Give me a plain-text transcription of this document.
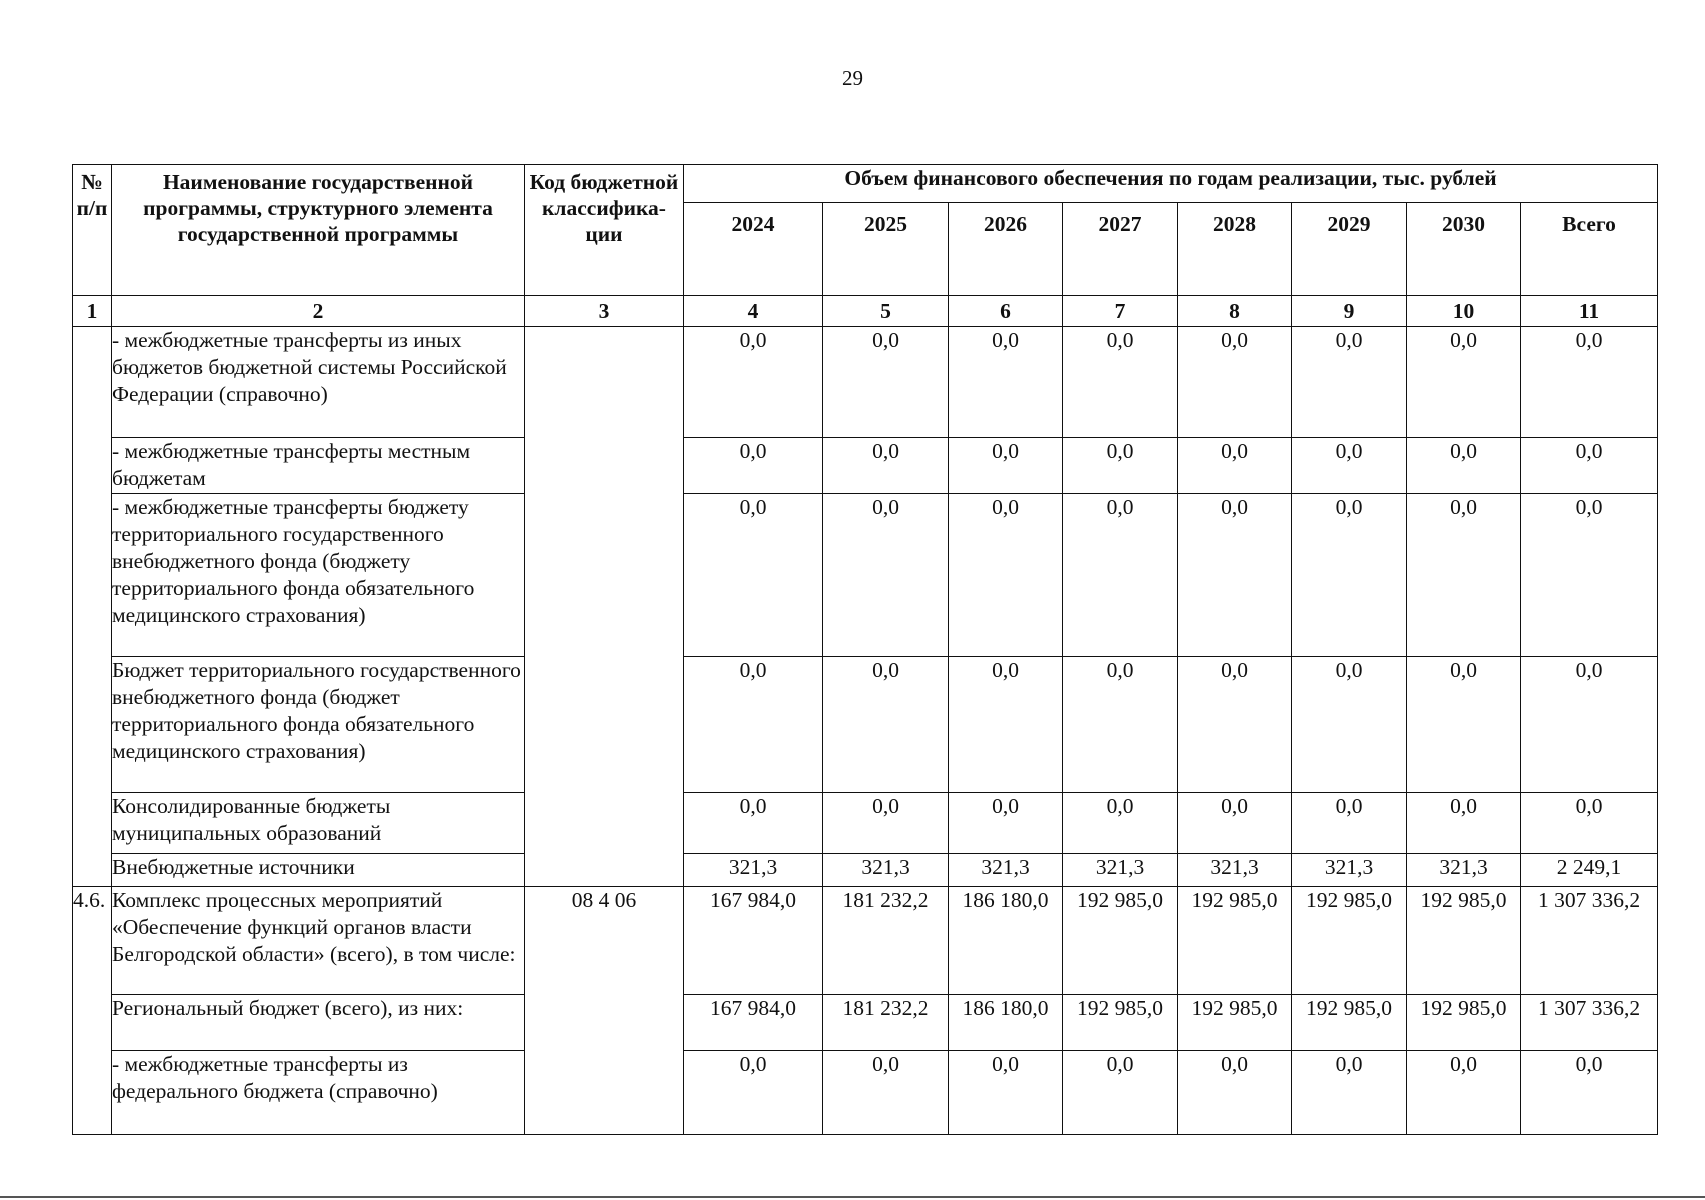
29
№ п/п	Наименование государственной программы, структурного элемента государственной программы	Код бюджетной классифика-ции	Объем финансового обеспечения по годам реализации, тыс. рублей							
			2024	2025	2026	2027	2028	2029	2030	Всего
1	2	3	4	5	6	7	8	9	10	11
	- межбюджетные трансферты из иных бюджетов бюджетной системы Российской Федерации (справочно)		0,0	0,0	0,0	0,0	0,0	0,0	0,0	0,0
	- межбюджетные трансферты местным бюджетам		0,0	0,0	0,0	0,0	0,0	0,0	0,0	0,0
	- межбюджетные трансферты бюджету территориального государственного внебюджетного фонда (бюджету территориального фонда обязательного медицинского страхования)		0,0	0,0	0,0	0,0	0,0	0,0	0,0	0,0
	Бюджет территориального государственного внебюджетного фонда (бюджет территориального фонда обязательного медицинского страхования)		0,0	0,0	0,0	0,0	0,0	0,0	0,0	0,0
	Консолидированные бюджеты муниципальных образований		0,0	0,0	0,0	0,0	0,0	0,0	0,0	0,0
	Внебюджетные источники		321,3	321,3	321,3	321,3	321,3	321,3	321,3	2 249,1
4.6.	Комплекс процессных мероприятий «Обеспечение функций органов власти Белгородской области» (всего), в том числе:	08 4 06	167 984,0	181 232,2	186 180,0	192 985,0	192 985,0	192 985,0	192 985,0	1 307 336,2
	Региональный бюджет (всего), из них:		167 984,0	181 232,2	186 180,0	192 985,0	192 985,0	192 985,0	192 985,0	1 307 336,2
	- межбюджетные трансферты из федерального бюджета (справочно)		0,0	0,0	0,0	0,0	0,0	0,0	0,0	0,0
